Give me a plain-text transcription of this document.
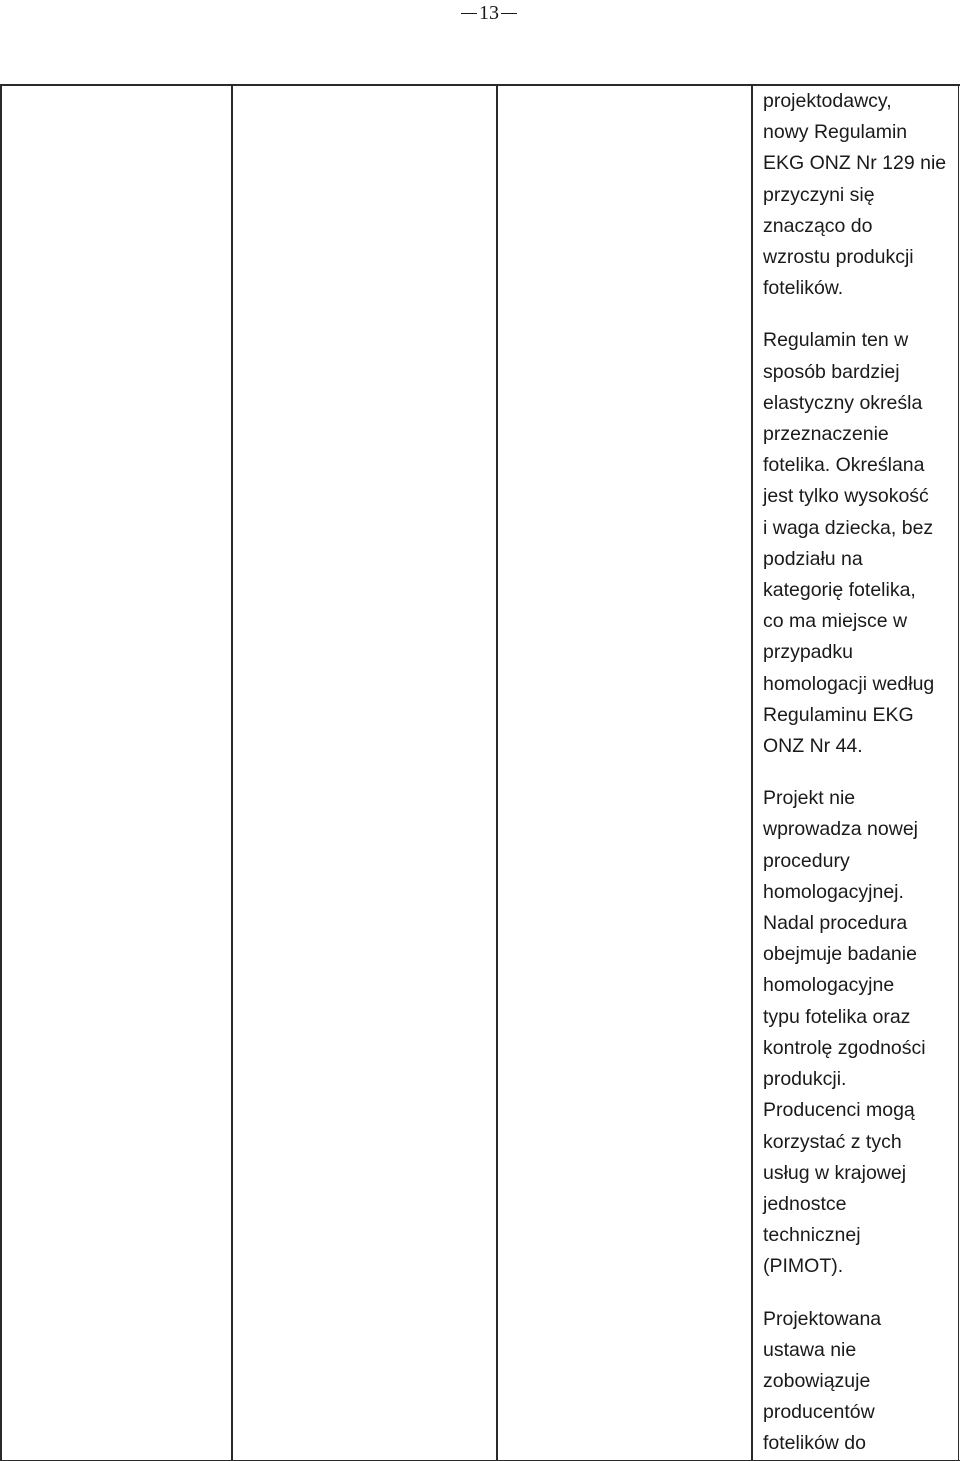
13

projektodawcy,
nowy Regulamin
EKG ONZ Nr 129 nie
przyczyni się
znacząco do
wzrostu produkcji
fotelików.

Regulamin ten w
sposób bardziej
elastyczny określa
przeznaczenie
fotelika. Określana
jest tylko wysokość
i waga dziecka, bez
podziału na
kategorię fotelika,
co ma miejsce w
przypadku
homologacji według
Regulaminu EKG
ONZ Nr 44.

Projekt nie
wprowadza nowej
procedury
homologacyjnej.
Nadal procedura
obejmuje badanie
homologacyjne
typu fotelika oraz
kontrolę zgodności
produkcji.
Producenci mogą
korzystać z tych
usług w krajowej
jednostce
technicznej
(PIMOT).

Projektowana
ustawa nie
zobowiązuje
producentów
fotelików do
